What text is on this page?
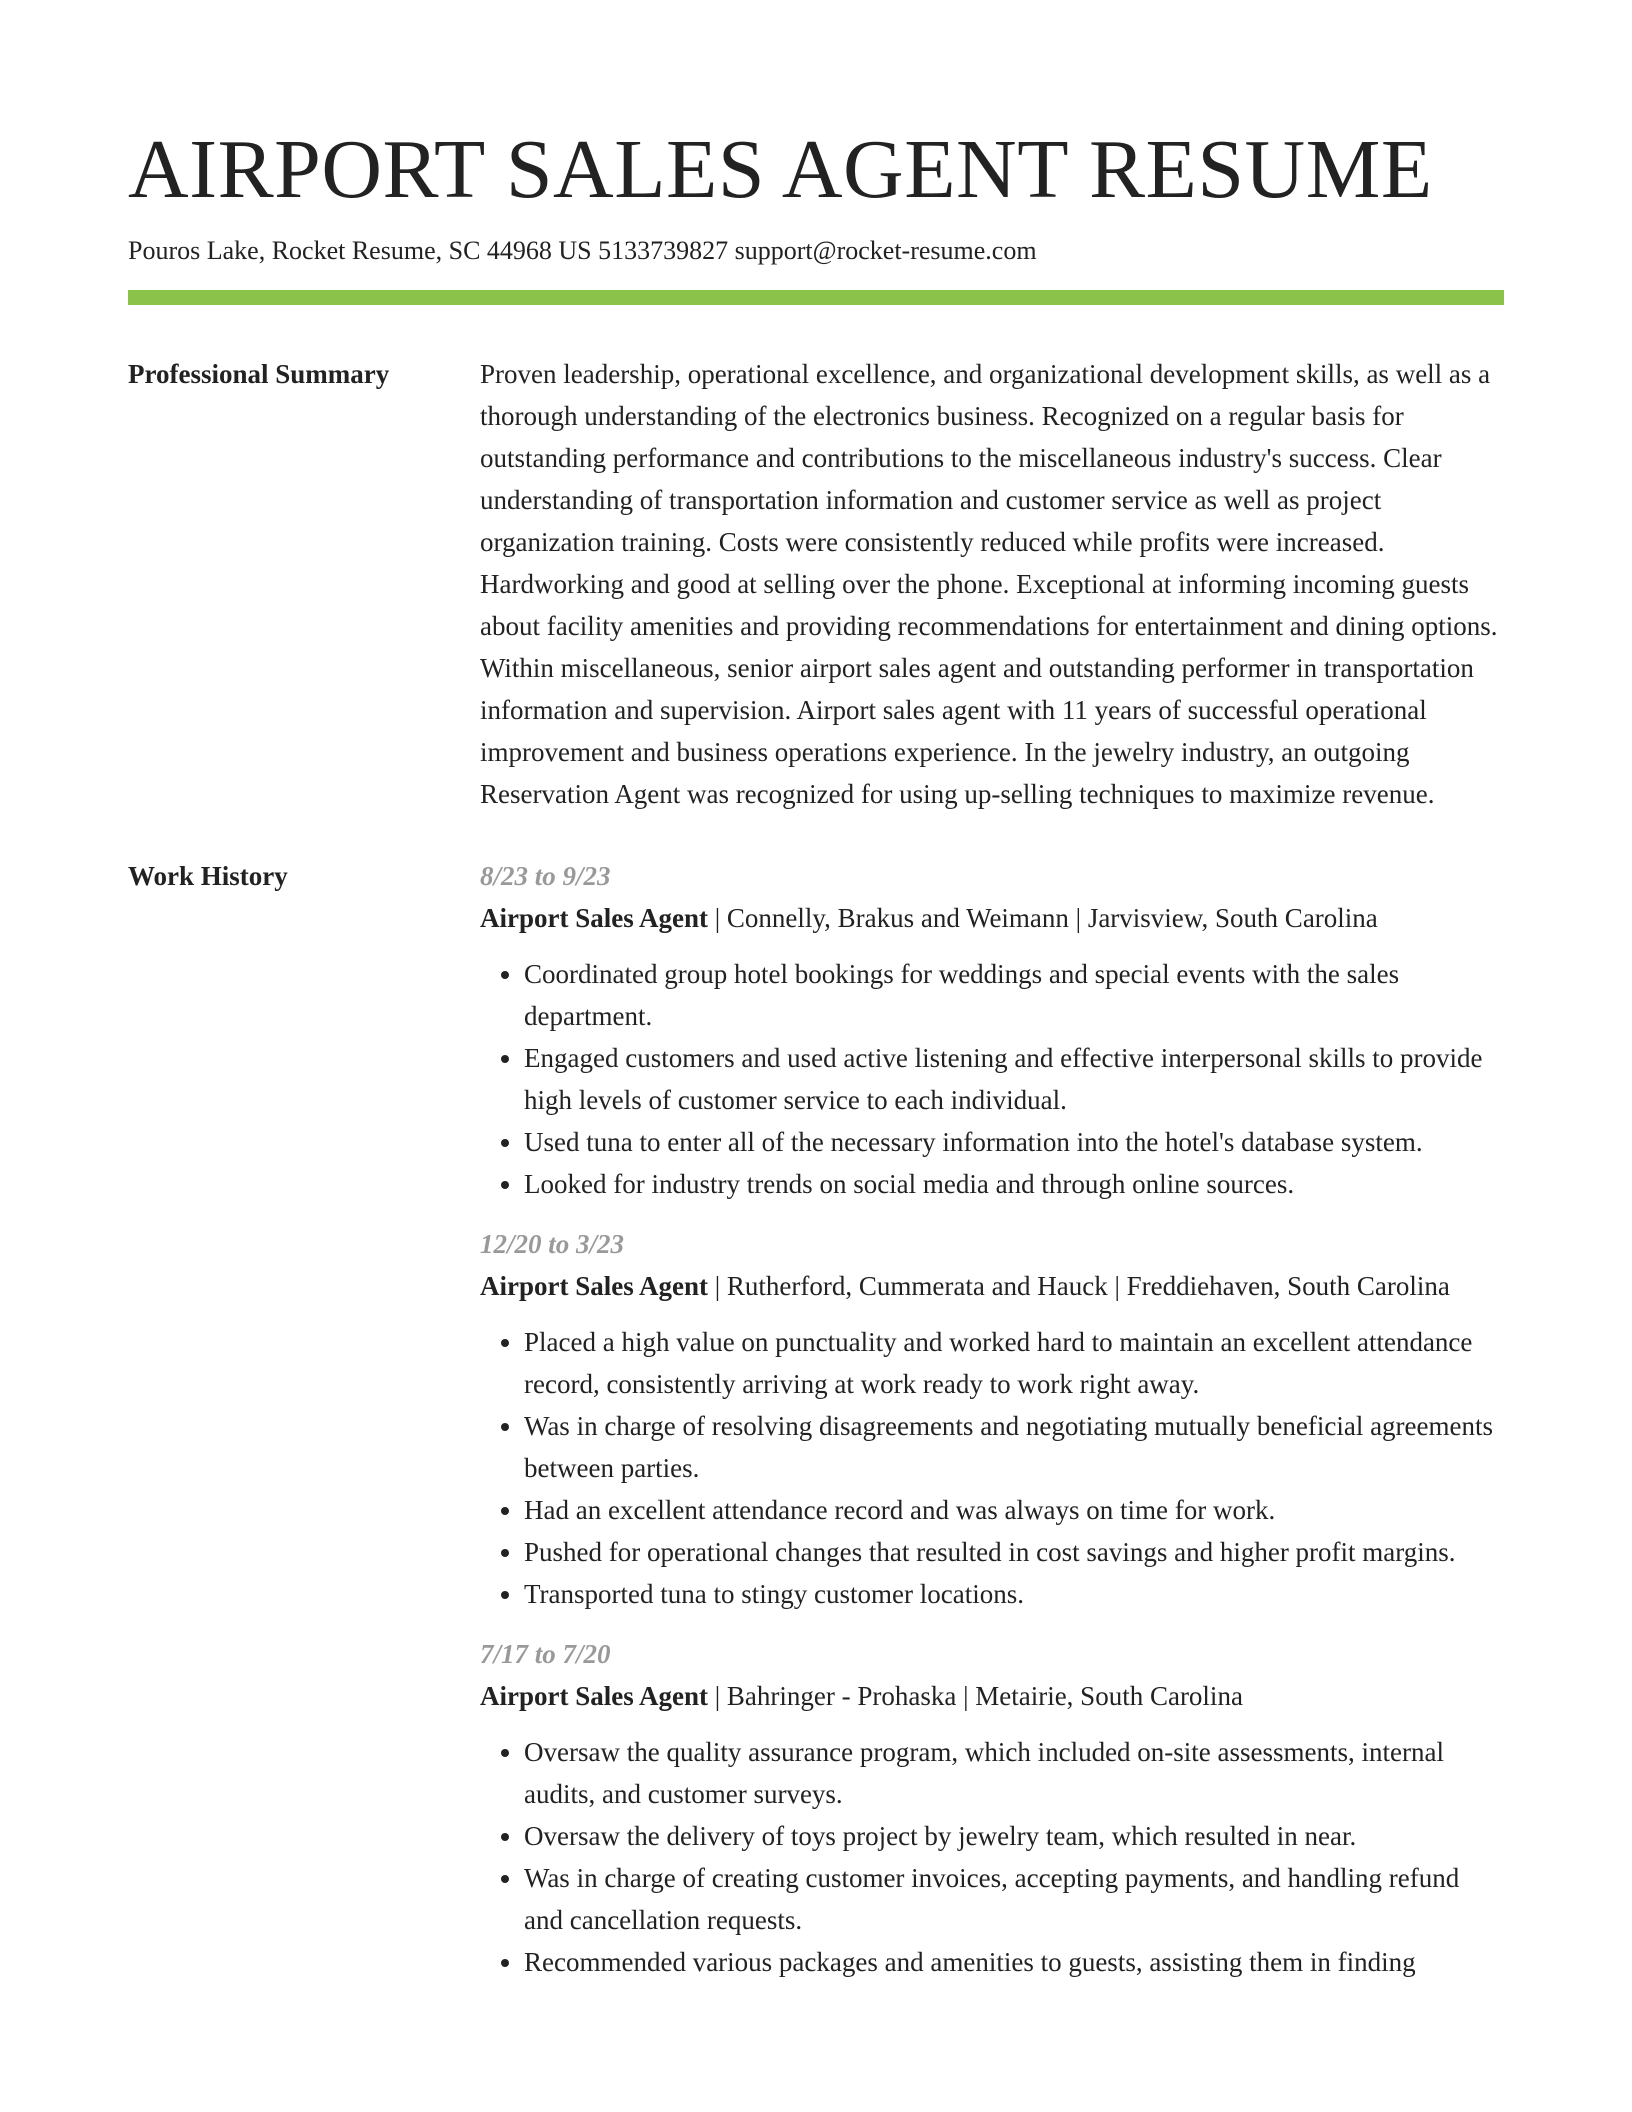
AIRPORT SALES AGENT RESUME
Pouros Lake, Rocket Resume, SC 44968 US 5133739827 support@rocket-resume.com
Professional Summary	Proven leadership, operational excellence, and organizational development skills, as well as a thorough understanding of the electronics business. Recognized on a regular basis for outstanding performance and contributions to the miscellaneous industry's success. Clear understanding of transportation information and customer service as well as project organization training. Costs were consistently reduced while profits were increased. Hardworking and good at selling over the phone. Exceptional at informing incoming guests about facility amenities and providing recommendations for entertainment and dining options. Within miscellaneous, senior airport sales agent and outstanding performer in transportation information and supervision. Airport sales agent with 11 years of successful operational improvement and business operations experience. In the jewelry industry, an outgoing Reservation Agent was recognized for using up-selling techniques to maximize revenue.

Work History	8/23 to 9/23
Airport Sales Agent | Connelly, Brakus and Weimann | Jarvisview, South Carolina
• Coordinated group hotel bookings for weddings and special events with the sales department.
• Engaged customers and used active listening and effective interpersonal skills to provide high levels of customer service to each individual.
• Used tuna to enter all of the necessary information into the hotel's database system.
• Looked for industry trends on social media and through online sources.
12/20 to 3/23
Airport Sales Agent | Rutherford, Cummerata and Hauck | Freddiehaven, South Carolina
• Placed a high value on punctuality and worked hard to maintain an excellent attendance record, consistently arriving at work ready to work right away.
• Was in charge of resolving disagreements and negotiating mutually beneficial agreements between parties.
• Had an excellent attendance record and was always on time for work.
• Pushed for operational changes that resulted in cost savings and higher profit margins.
• Transported tuna to stingy customer locations.
7/17 to 7/20
Airport Sales Agent | Bahringer - Prohaska | Metairie, South Carolina
• Oversaw the quality assurance program, which included on-site assessments, internal audits, and customer surveys.
• Oversaw the delivery of toys project by jewelry team, which resulted in near.
• Was in charge of creating customer invoices, accepting payments, and handling refund and cancellation requests.
• Recommended various packages and amenities to guests, assisting them in finding
